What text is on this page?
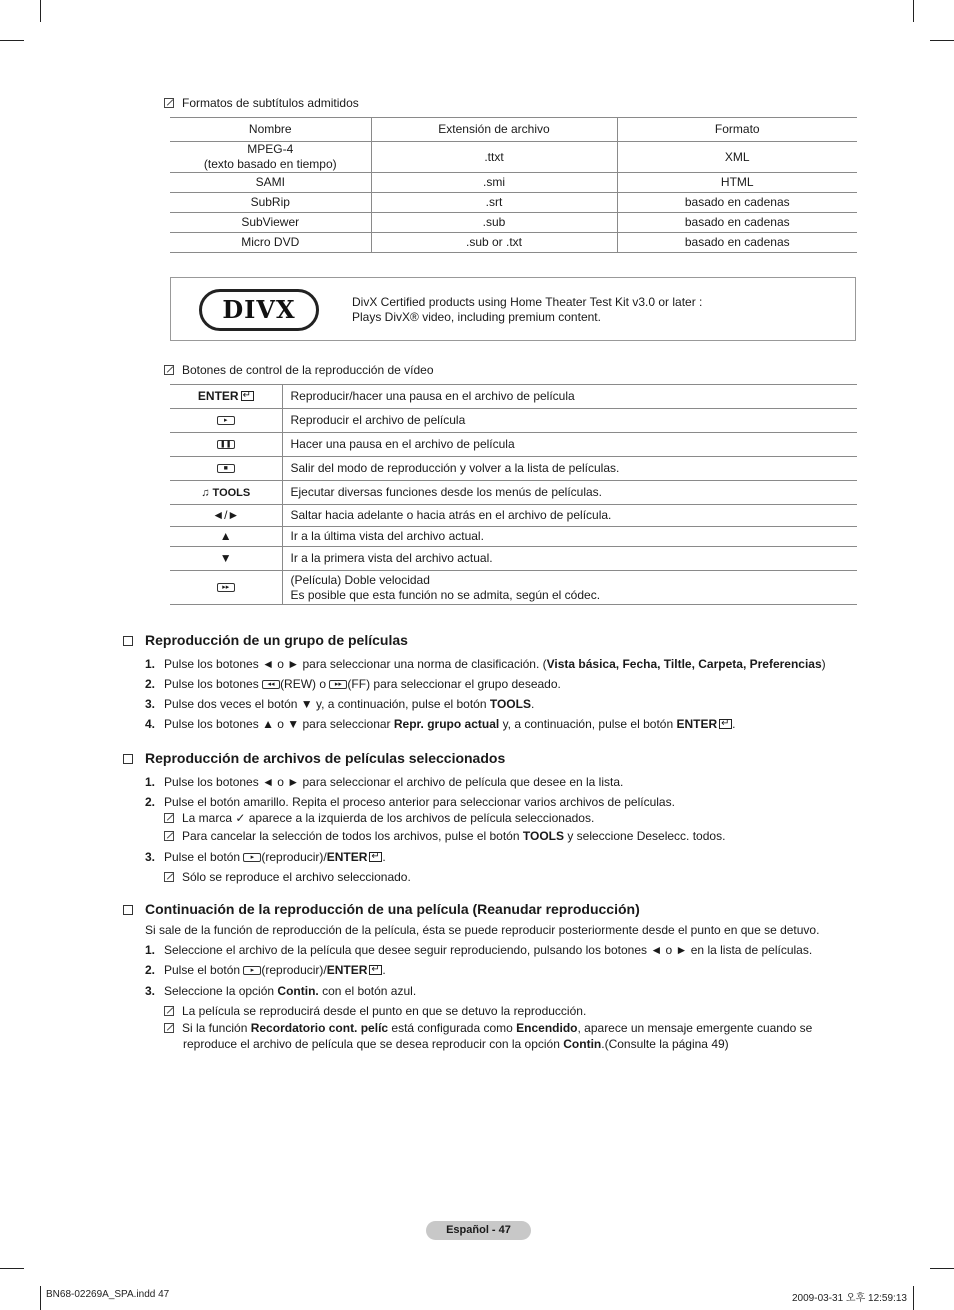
Formatos de subtítulos admitidos
Nombre	Extensión de archivo	Formato

MPEG-4
(texto basado en tiempo)	.ttxt	XML
SAMI	.smi	HTML
SubRip	.srt	basado en cadenas
SubViewer	.sub	basado en cadenas
Micro DVD	.sub or .txt	basado en cadenas
DIVX	DivX Certified products using Home Theater Test Kit v3.0 or later :
Plays DivX® video, including premium content.
Botones de control de la reproducción de vídeo
ENTER↵	Reproducir/hacer una pausa en el archivo de película

▸	Reproducir el archivo de película

❚❚	Hacer una pausa en el archivo de película

■	Salir del modo de reproducción y volver a la lista de películas.
♫ TOOLS	Ejecutar diversas funciones desde los menús de películas.
◄/►	Saltar hacia adelante o hacia atrás en el archivo de película.
▲	Ir a la última vista del archivo actual.
▼	Ir a la primera vista del archivo actual.

▸▸	(Película) Doble velocidad
Es posible que esta función no se admita, según el códec.
Reproducción de un grupo de películas
1. Pulse los botones ◄ o ► para seleccionar una norma de clasificación. (Vista básica, Fecha, Tiltle, Carpeta, Preferencias)
2. Pulse los botones ◂◂ (REW) o ▸▸ (FF) para seleccionar el grupo deseado.
3. Pulse dos veces el botón ▼ y, a continuación, pulse el botón TOOLS.
4. Pulse los botones ▲ o ▼ para seleccionar Repr. grupo actual y, a continuación, pulse el botón ENTER ↵ .
Reproducción de archivos de películas seleccionados
1. Pulse los botones ◄ o ► para seleccionar el archivo de película que desee en la lista.
2. Pulse el botón amarillo. Repita el proceso anterior para seleccionar varios archivos de películas.
La marca ✓ aparece a la izquierda de los archivos de película seleccionados.
Para cancelar la selección de todos los archivos, pulse el botón TOOLS y seleccione Deselecc. todos.
3. Pulse el botón	▸ (reproducir)/ENTER ↵ .
Sólo se reproduce el archivo seleccionado.
Continuación de la reproducción de una película (Reanudar reproducción)
Si sale de la función de reproducción de la película, ésta se puede reproducir posteriormente desde el punto en que se detuvo.
1. Seleccione el archivo de la película que desee seguir reproduciendo, pulsando los botones ◄ o ► en la lista de películas.
2. Pulse el botón	▸ (reproducir)/ENTER ↵ .
3. Seleccione la opción Contin. con el botón azul.
La película se reproducirá desde el punto en que se detuvo la reproducción.
Si la función Recordatorio cont. pelíc está configurada como Encendido, aparece un mensaje emergente cuando se
reproduce el archivo de película que se desea reproducir con la opción Contin.(Consulte la página 49)
Español - 47
BN68-02269A_SPA.indd 47	2009-03-31 오후 12:59:13
